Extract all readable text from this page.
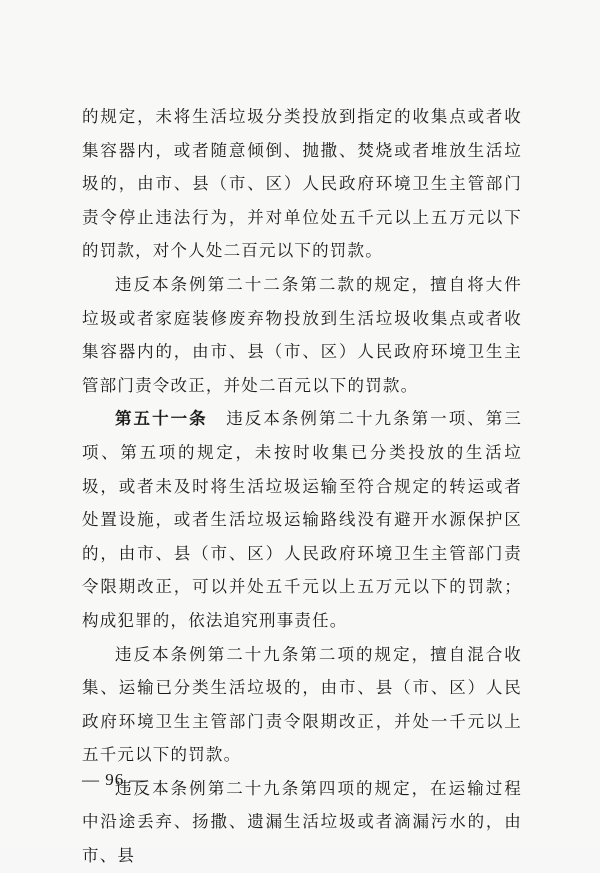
的规定，未将生活垃圾分类投放到指定的收集点或者收集容器内，或者随意倾倒、抛撒、焚烧或者堆放生活垃圾的，由市、县（市、区）人民政府环境卫生主管部门责令停止违法行为，并对单位处五千元以上五万元以下的罚款，对个人处二百元以下的罚款。

违反本条例第二十二条第二款的规定，擅自将大件垃圾或者家庭装修废弃物投放到生活垃圾收集点或者收集容器内的，由市、县（市、区）人民政府环境卫生主管部门责令改正，并处二百元以下的罚款。

第五十一条　 违反本条例第二十九条第一项、第三项、第五项的规定，未按时收集已分类投放的生活垃圾，或者未及时将生活垃圾运输至符合规定的转运或者处置设施，或者生活垃圾运输路线没有避开水源保护区的，由市、县（市、区）人民政府环境卫生主管部门责令限期改正，可以并处五千元以上五万元以下的罚款；构成犯罪的，依法追究刑事责任。

违反本条例第二十九条第二项的规定，擅自混合收集、运输已分类生活垃圾的，由市、县（市、区）人民政府环境卫生主管部门责令限期改正，并处一千元以上五千元以下的罚款。

违反本条例第二十九条第四项的规定，在运输过程中沿途丢弃、扬撒、遗漏生活垃圾或者滴漏污水的，由市、县

— 96 —
